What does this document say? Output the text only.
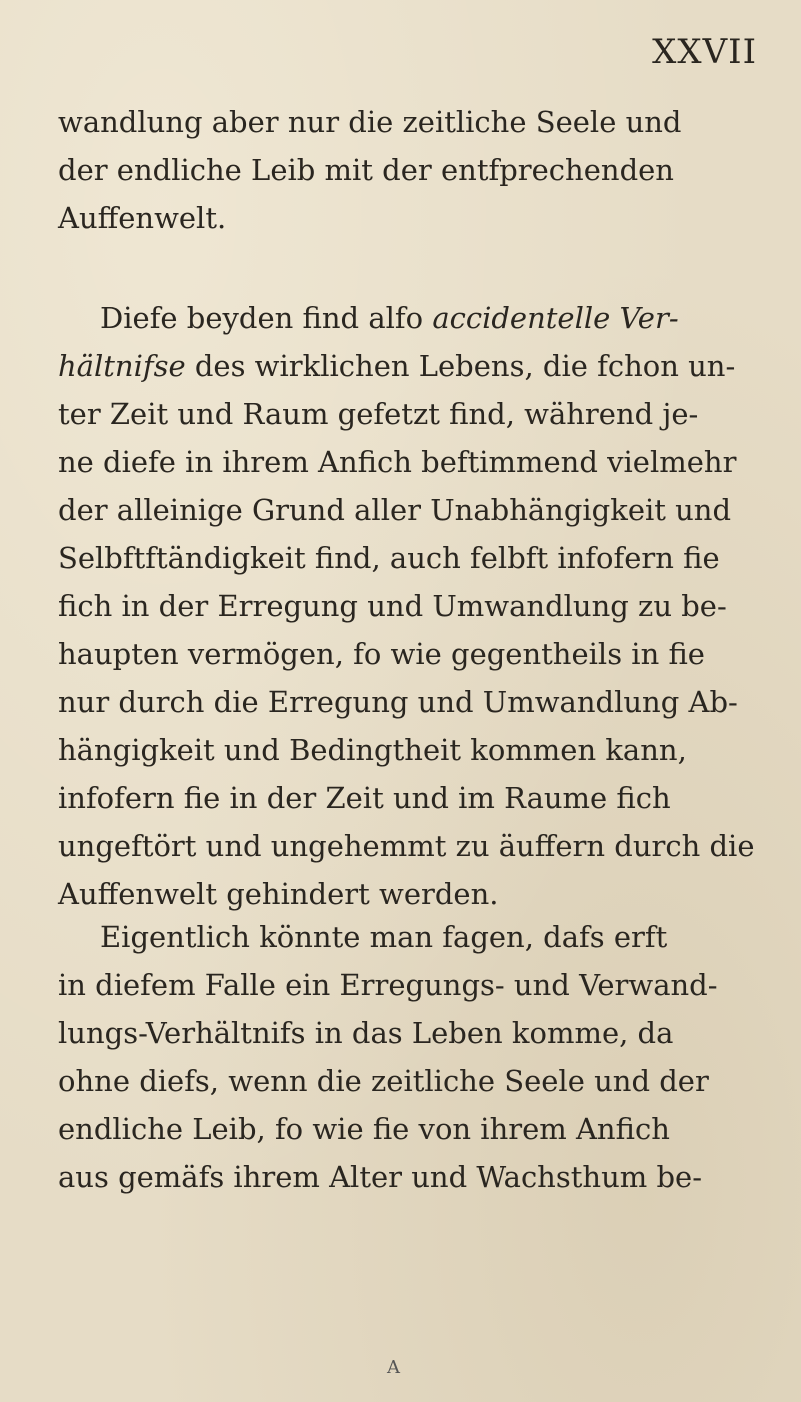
XXVII
wandlung aber nur die zeitliche Seele und
der endliche Leib mit der entfprechenden
Auffenwelt.
Diefe beyden find alfo accidentelle Ver-
hältnifse des wirklichen Lebens, die fchon un-
ter Zeit und Raum gefetzt find, während je-
ne diefe in ihrem Anfich beftimmend vielmehr
der alleinige Grund aller Unabhängigkeit und
Selbftftändigkeit find, auch felbft infofern fie
fich in der Erregung und Umwandlung zu be-
haupten vermögen, fo wie gegentheils in fie
nur durch die Erregung und Umwandlung Ab-
hängigkeit und Bedingtheit kommen kann,
infofern fie in der Zeit und im Raume fich
ungeftört und ungehemmt zu äuffern durch die
Auffenwelt gehindert werden.
Eigentlich könnte man fagen, dafs erft
in diefem Falle ein Erregungs- und Verwand-
lungs-Verhältnifs in das Leben komme, da
ohne diefs, wenn die zeitliche Seele und der
endliche Leib, fo wie fie von ihrem Anfich
aus gemäfs ihrem Alter und Wachsthum be-
A
